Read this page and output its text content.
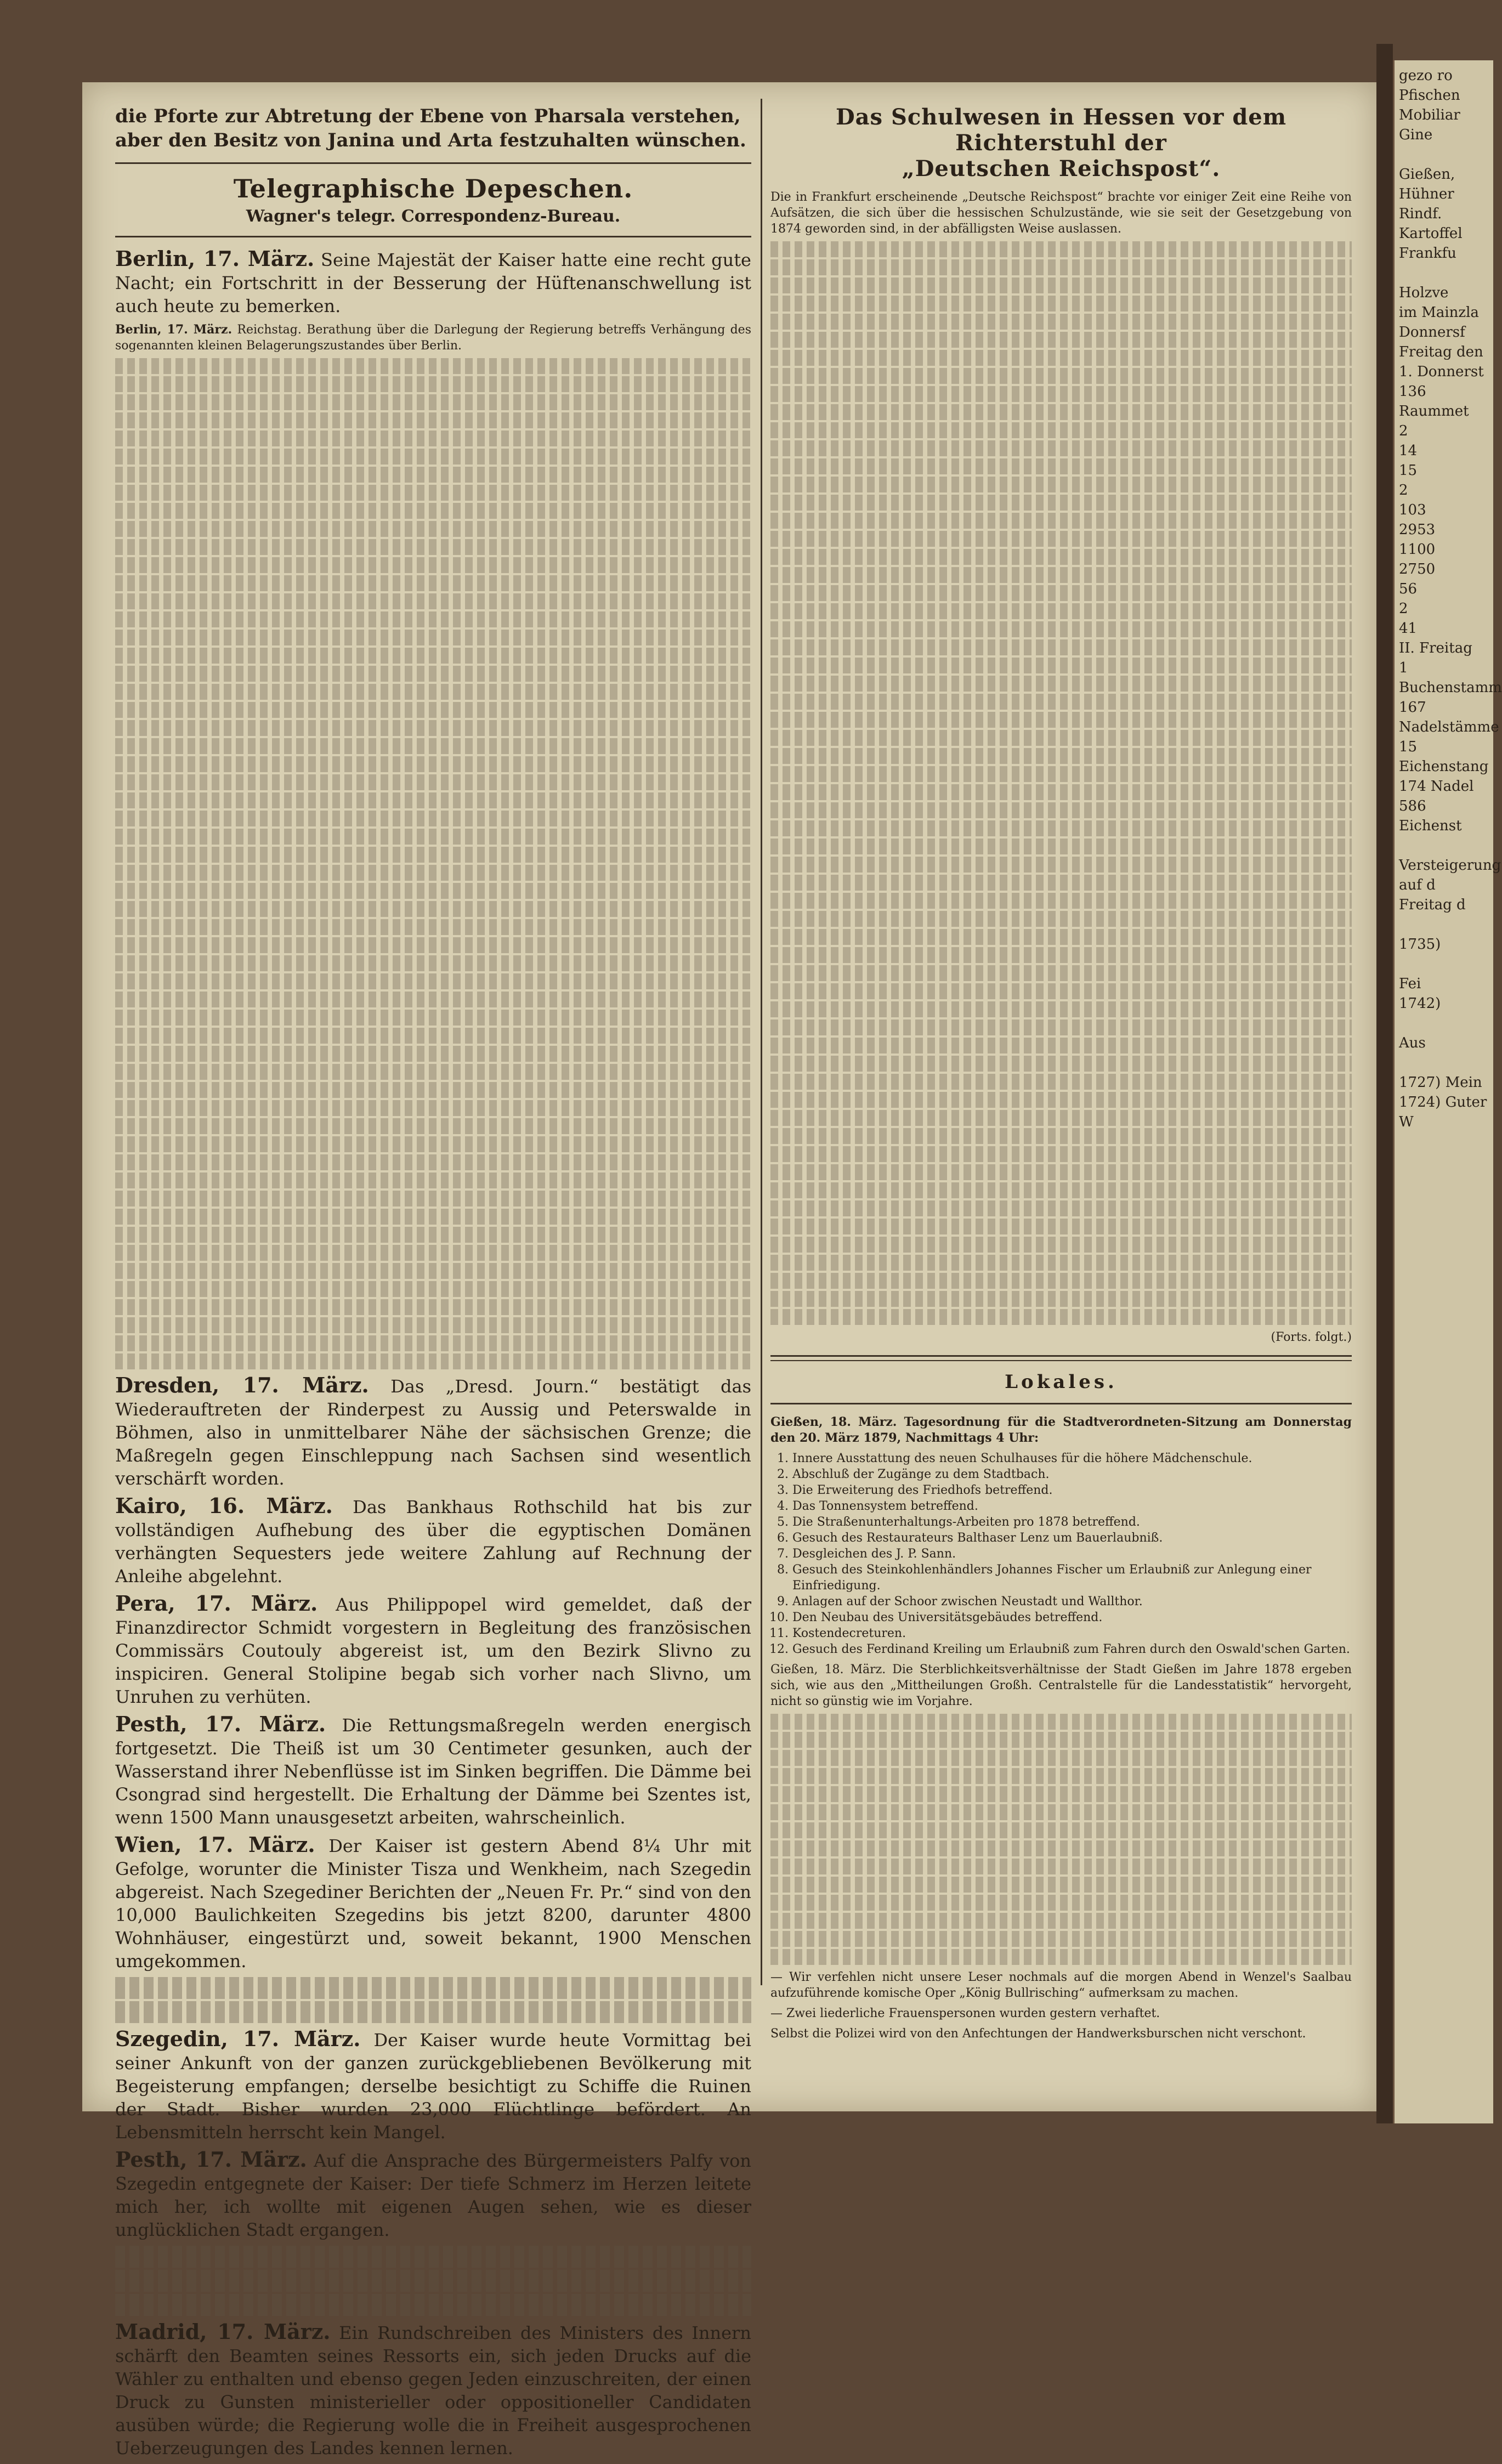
die Pforte zur Abtretung der Ebene von Pharsala verstehen, aber den Besitz von Janina und Arta festzuhalten wünschen.
Telegraphische Depeschen.
Wagner's telegr. Correspondenz-Bureau.

Berlin, 17. März. Seine Majestät der Kaiser hatte eine recht gute Nacht; ein Fortschritt in der Besserung der Hüftenanschwellung ist auch heute zu bemerken.

Berlin, 17. März. Reichstag. Berathung über die Darlegung der Regierung betreffs Verhängung des sogenannten kleinen Belagerungszustandes über Berlin.

Dresden, 17. März. Das „Dresd. Journ.“ bestätigt das Wiederauftreten der Rinderpest zu Aussig und Peterswalde in Böhmen, also in unmittelbarer Nähe der sächsischen Grenze; die Maßregeln gegen Einschleppung nach Sachsen sind wesentlich verschärft worden.

Kairo, 16. März. Das Bankhaus Rothschild hat bis zur vollständigen Aufhebung des über die egyptischen Domänen verhängten Sequesters jede weitere Zahlung auf Rechnung der Anleihe abgelehnt.

Pera, 17. März. Aus Philippopel wird gemeldet, daß der Finanzdirector Schmidt vorgestern in Begleitung des französischen Commissärs Coutouly abgereist ist, um den Bezirk Slivno zu inspiciren. General Stolipine begab sich vorher nach Slivno, um Unruhen zu verhüten.

Pesth, 17. März. Die Rettungsmaßregeln werden energisch fortgesetzt. Die Theiß ist um 30 Centimeter gesunken, auch der Wasserstand ihrer Nebenflüsse ist im Sinken begriffen. Die Dämme bei Csongrad sind hergestellt. Die Erhaltung der Dämme bei Szentes ist, wenn 1500 Mann unausgesetzt arbeiten, wahrscheinlich.

Wien, 17. März. Der Kaiser ist gestern Abend 8¼ Uhr mit Gefolge, worunter die Minister Tisza und Wenkheim, nach Szegedin abgereist. Nach Szegediner Berichten der „Neuen Fr. Pr.“ sind von den 10,000 Baulichkeiten Szegedins bis jetzt 8200, darunter 4800 Wohnhäuser, eingestürzt und, soweit bekannt, 1900 Menschen umgekommen.

Szegedin, 17. März. Der Kaiser wurde heute Vormittag bei seiner Ankunft von der ganzen zurückgebliebenen Bevölkerung mit Begeisterung empfangen; derselbe besichtigt zu Schiffe die Ruinen der Stadt. Bisher wurden 23,000 Flüchtlinge befördert. An Lebensmitteln herrscht kein Mangel.

Pesth, 17. März. Auf die Ansprache des Bürgermeisters Palfy von Szegedin entgegnete der Kaiser: Der tiefe Schmerz im Herzen leitete mich her, ich wollte mit eigenen Augen sehen, wie es dieser unglücklichen Stadt ergangen.

Madrid, 17. März. Ein Rundschreiben des Ministers des Innern schärft den Beamten seines Ressorts ein, sich jeden Drucks auf die Wähler zu enthalten und ebenso gegen Jeden einzuschreiten, der einen Druck zu Gunsten ministerieller oder oppositioneller Candidaten ausüben würde; die Regierung wolle die in Freiheit ausgesprochenen Ueberzeugungen des Landes kennen lernen.

Das Schulwesen in Hessen vor dem Richterstuhl der
„Deutschen Reichspost“.

Die in Frankfurt erscheinende „Deutsche Reichspost“ brachte vor einiger Zeit eine Reihe von Aufsätzen, die sich über die hessischen Schulzustände, wie sie seit der Gesetzgebung von 1874 geworden sind, in der abfälligsten Weise auslassen.

(Forts. folgt.)

Lokales.

Gießen, 18. März. Tagesordnung für die Stadtverordneten-Sitzung am Donnerstag den 20. März 1879, Nachmittags 4 Uhr:

1. Innere Ausstattung des neuen Schulhauses für die höhere Mädchenschule.
2. Abschluß der Zugänge zu dem Stadtbach.
3. Die Erweiterung des Friedhofs betreffend.
4. Das Tonnensystem betreffend.
5. Die Straßenunterhaltungs-Arbeiten pro 1878 betreffend.
6. Gesuch des Restaurateurs Balthaser Lenz um Bauerlaubniß.
7. Desgleichen des J. P. Sann.
8. Gesuch des Steinkohlenhändlers Johannes Fischer um Erlaubniß zur Anlegung einer Einfriedigung.
9. Anlagen auf der Schoor zwischen Neustadt und Wallthor.
10. Den Neubau des Universitätsgebäudes betreffend.
11. Kostendecreturen.
12. Gesuch des Ferdinand Kreiling um Erlaubniß zum Fahren durch den Oswald'schen Garten.

Gießen, 18. März. Die Sterblichkeitsverhältnisse der Stadt Gießen im Jahre 1878 ergeben sich, wie aus den „Mittheilungen Großh. Centralstelle für die Landesstatistik“ hervorgeht, nicht so günstig wie im Vorjahre.

— Wir verfehlen nicht unsere Leser nochmals auf die morgen Abend in Wenzel's Saalbau aufzuführende komische Oper „König Bullrisching“ aufmerksam zu machen.

— Zwei liederliche Frauenspersonen wurden gestern verhaftet.

Selbst die Polizei wird von den Anfechtungen der Handwerksburschen nicht verschont.

gezo ro Pfischen
Mobiliar
Gine

Gießen,
Hühner
Rindf.
Kartoffel
Frankfu

Holzve
im Mainzla
Donnersf
Freitag den
1. Donnerst
136 Raummet
2
14
15
2
103
2953
1100
2750
56
2
41
II. Freitag
1 Buchenstamm
167 Nadelstämme
15 Eichenstang
174 Nadel
586 Eichenst

Versteigerung
auf d
Freitag d

1735)

Fei
1742)

Aus

1727) Mein
1724) Guter W
